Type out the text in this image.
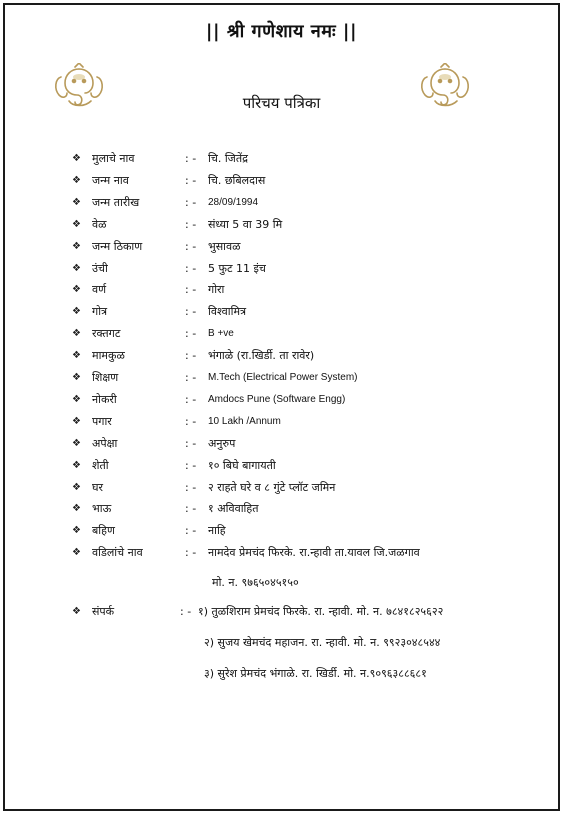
|| श्री गणेशाय नमः ||
परिचय पत्रिका
❖ मुलाचे नाव	: - चि. जितेंद्र
❖ जन्म नाव	: - चि. छबिलदास
❖ जन्म तारीख	: - 28/09/1994
❖ वेळ	: - संध्या 5 वा 39 मि
❖ जन्म ठिकाण	: - भुसावळ
❖ उंची	: - 5 फुट 11 इंच
❖ वर्ण	: - गोरा
❖ गोत्र	: - विश्वामित्र
❖ रक्तगट	: - B +ve
❖ मामकुळ	: - भंगाळे (रा.खिर्डी. ता रावेर)
❖ शिक्षण	: - M.Tech (Electrical Power System)
❖ नोकरी	: - Amdocs Pune (Software Engg)
❖ पगार	: - 10 Lakh /Annum
❖ अपेक्षा	: - अनुरुप
❖ शेती	: - १० बिघे बागायती
❖ घर	: - २ राहते घरे व ८ गुंटे प्लॉट जमिन
❖ भाऊ	: - १ अविवाहित
❖ बहिण	: - नाहि
❖ वडिलांचे नाव	: - नामदेव प्रेमचंद फिरके. रा.न्हावी ता.यावल जि.जळगाव
मो. न. ९७६५०४५१५०
❖ संपर्क	: - १) तुळशिराम प्रेमचंद फिरके. रा. न्हावी. मो. न. ७८४१८२५६२२
२) सुजय खेमचंद महाजन. रा. न्हावी. मो. न. ९९२३०४८५४४
३) सुरेश प्रेमचंद भंगाळे. रा. खिर्डी. मो. न.९०९६३८८६८१
